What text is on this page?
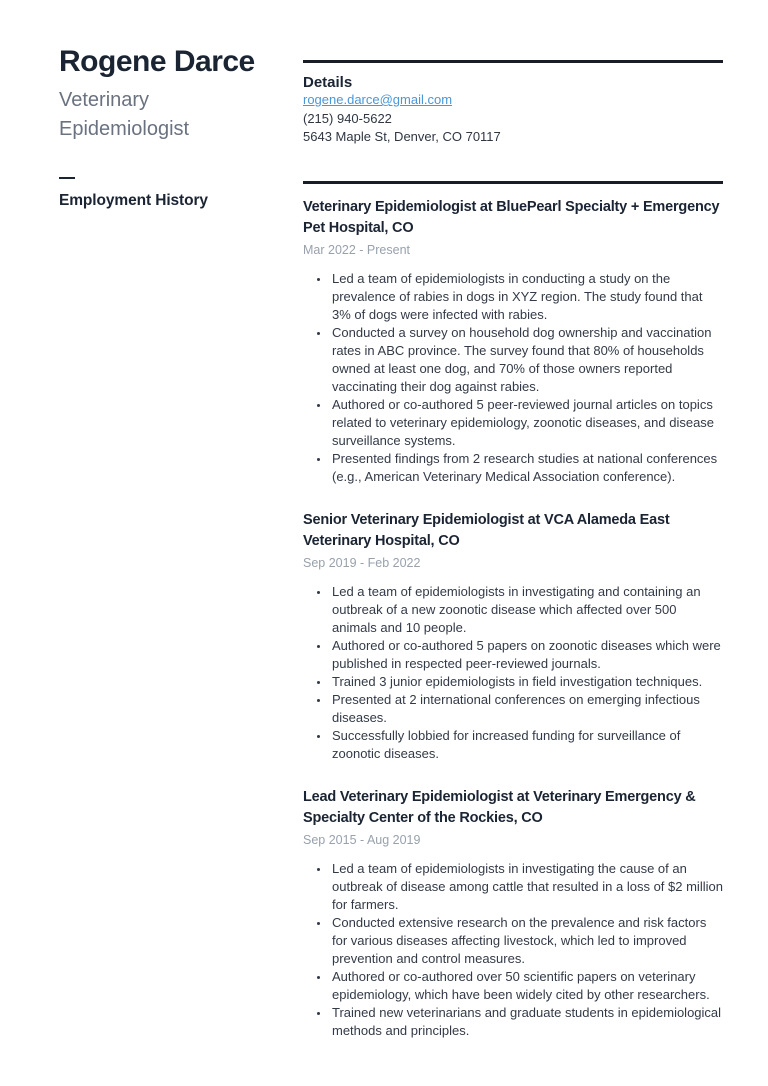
Rogene Darce
Veterinary Epidemiologist
Employment History
Details
rogene.darce@gmail.com
(215) 940-5622
5643 Maple St, Denver, CO 70117
Veterinary Epidemiologist at BluePearl Specialty + Emergency Pet Hospital, CO
Mar 2022 - Present
• Led a team of epidemiologists in conducting a study on the prevalence of rabies in dogs in XYZ region. The study found that 3% of dogs were infected with rabies.
• Conducted a survey on household dog ownership and vaccination rates in ABC province. The survey found that 80% of households owned at least one dog, and 70% of those owners reported vaccinating their dog against rabies.
• Authored or co-authored 5 peer-reviewed journal articles on topics related to veterinary epidemiology, zoonotic diseases, and disease surveillance systems.
• Presented findings from 2 research studies at national conferences (e.g., American Veterinary Medical Association conference).
Senior Veterinary Epidemiologist at VCA Alameda East Veterinary Hospital, CO
Sep 2019 - Feb 2022
• Led a team of epidemiologists in investigating and containing an outbreak of a new zoonotic disease which affected over 500 animals and 10 people.
• Authored or co-authored 5 papers on zoonotic diseases which were published in respected peer-reviewed journals.
• Trained 3 junior epidemiologists in field investigation techniques.
• Presented at 2 international conferences on emerging infectious diseases.
• Successfully lobbied for increased funding for surveillance of zoonotic diseases.
Lead Veterinary Epidemiologist at Veterinary Emergency & Specialty Center of the Rockies, CO
Sep 2015 - Aug 2019
• Led a team of epidemiologists in investigating the cause of an outbreak of disease among cattle that resulted in a loss of $2 million for farmers.
• Conducted extensive research on the prevalence and risk factors for various diseases affecting livestock, which led to improved prevention and control measures.
• Authored or co-authored over 50 scientific papers on veterinary epidemiology, which have been widely cited by other researchers.
• Trained new veterinarians and graduate students in epidemiological methods and principles.
